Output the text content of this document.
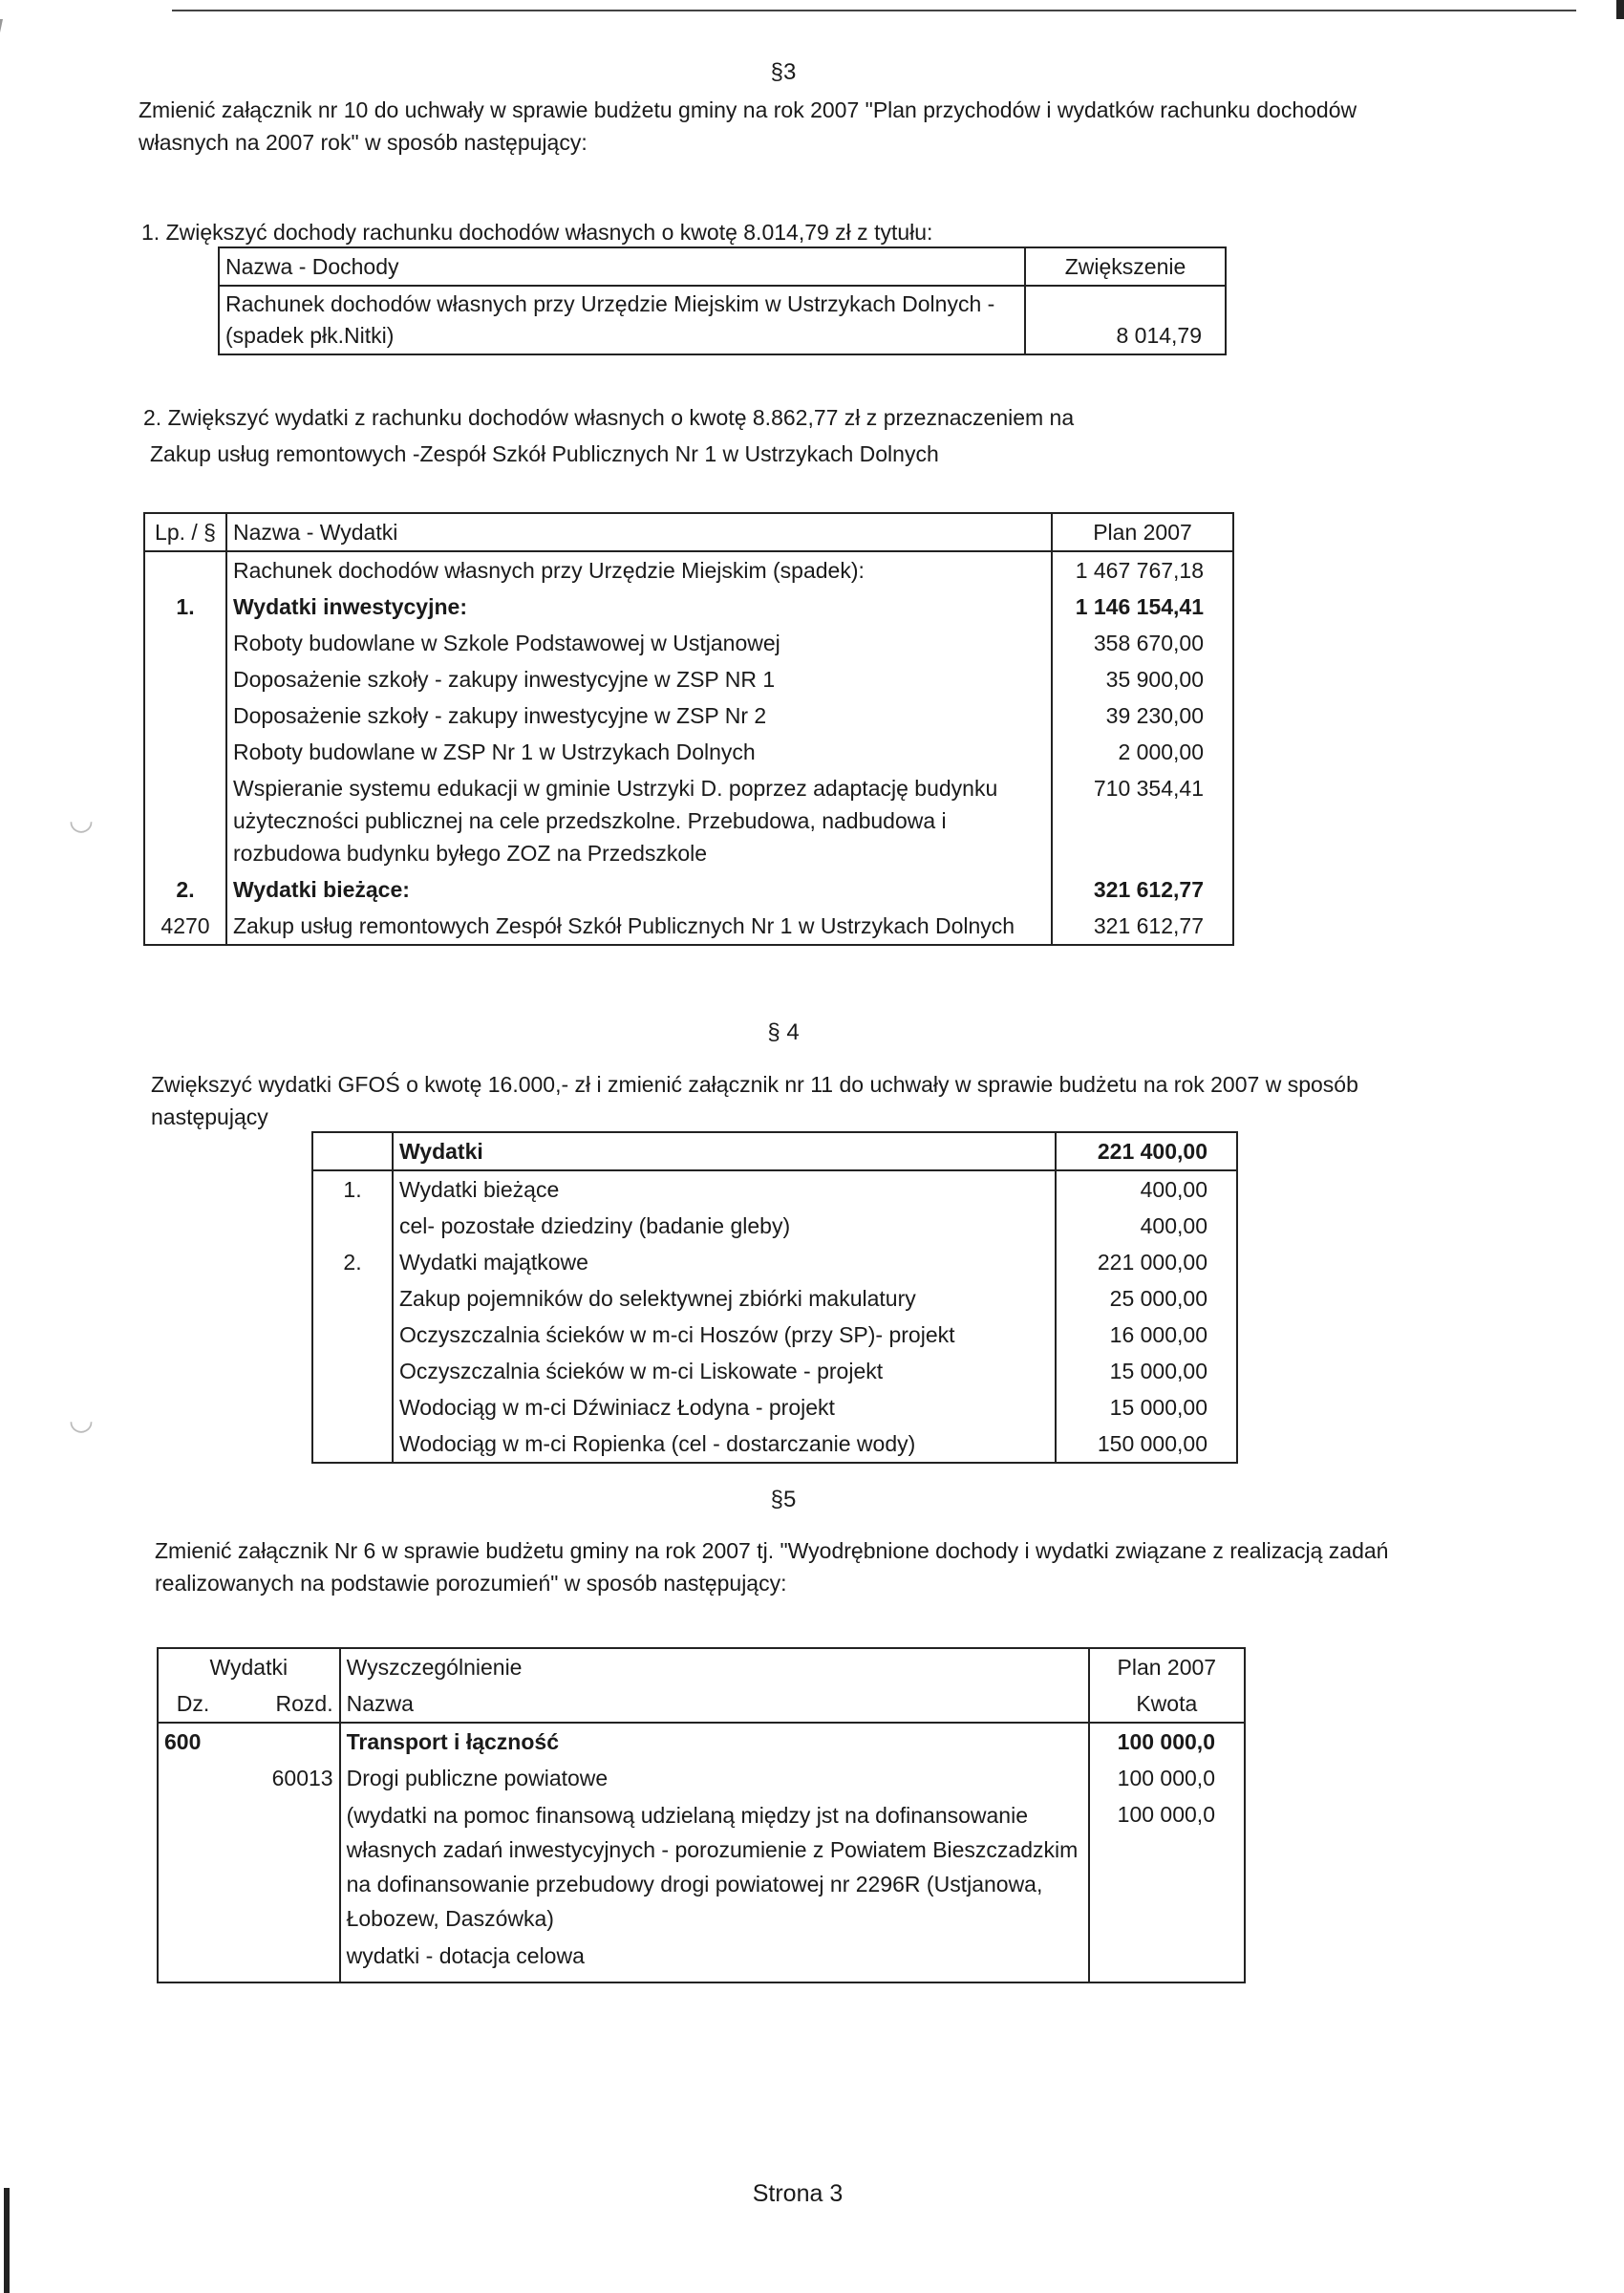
◡
◡
§3
Zmienić załącznik nr 10 do uchwały w sprawie budżetu gminy na rok 2007 "Plan przychodów i wydatków rachunku dochodów własnych na 2007 rok" w sposób następujący:
1. Zwiększyć dochody rachunku dochodów własnych o kwotę 8.014,79 zł z tytułu:
Nazwa - Dochody	Zwiększenie
Rachunek dochodów własnych przy Urzędzie Miejskim w Ustrzykach Dolnych - (spadek płk.Nitki)	8 014,79
2. Zwiększyć wydatki z rachunku dochodów własnych o kwotę 8.862,77 zł z przeznaczeniem na
Zakup usług remontowych -Zespół Szkół Publicznych Nr 1 w Ustrzykach Dolnych
Lp. / §	Nazwa - Wydatki	Plan 2007
	Rachunek dochodów własnych przy Urzędzie Miejskim (spadek):	1 467 767,18
1.	Wydatki inwestycyjne:	1 146 154,41
	Roboty budowlane w Szkole Podstawowej w Ustjanowej	358 670,00
	Doposażenie szkoły - zakupy inwestycyjne w ZSP NR 1	35 900,00
	Doposażenie szkoły - zakupy inwestycyjne w ZSP Nr 2	39 230,00
	Roboty budowlane w ZSP Nr 1 w Ustrzykach Dolnych	2 000,00
	Wspieranie systemu edukacji w gminie Ustrzyki D. poprzez adaptację budynku użyteczności publicznej na cele przedszkolne. Przebudowa, nadbudowa i rozbudowa budynku byłego ZOZ na Przedszkole	710 354,41
2.	Wydatki bieżące:	321 612,77
4270	Zakup usług remontowych Zespół Szkół Publicznych Nr 1 w Ustrzykach Dolnych	321 612,77
§ 4
Zwiększyć wydatki GFOŚ o kwotę 16.000,- zł i zmienić załącznik nr 11 do uchwały w sprawie budżetu na rok 2007 w sposób następujący
	Wydatki	221 400,00
1.	Wydatki bieżące	400,00
	cel- pozostałe dziedziny (badanie gleby)	400,00
2.	Wydatki majątkowe	221 000,00
	Zakup pojemników do selektywnej zbiórki makulatury	25 000,00
	Oczyszczalnia ścieków w m-ci Hoszów (przy SP)- projekt	16 000,00
	Oczyszczalnia ścieków w m-ci Liskowate - projekt	15 000,00
	Wodociąg w m-ci Dźwiniacz Łodyna - projekt	15 000,00
	Wodociąg w m-ci Ropienka (cel - dostarczanie wody)	150 000,00
§5
Zmienić załącznik Nr 6 w sprawie budżetu gminy na rok 2007 tj. "Wyodrębnione dochody i wydatki związane z realizacją zadań realizowanych na podstawie porozumień" w sposób następujący:
Wydatki		Wyszczególnienie	Plan 2007
Dz.	Rozd.	Nazwa	Kwota
600		Transport i łączność	100 000,0
	60013	Drogi publiczne powiatowe	100 000,0
		(wydatki na pomoc finansową udzielaną między jst na dofinansowanie własnych zadań inwestycyjnych - porozumienie z Powiatem Bieszczadzkim na dofinansowanie przebudowy drogi powiatowej nr 2296R (Ustjanowa, Łobozew, Daszówka)	100 000,0
		wydatki - dotacja celowa	
Strona 3
